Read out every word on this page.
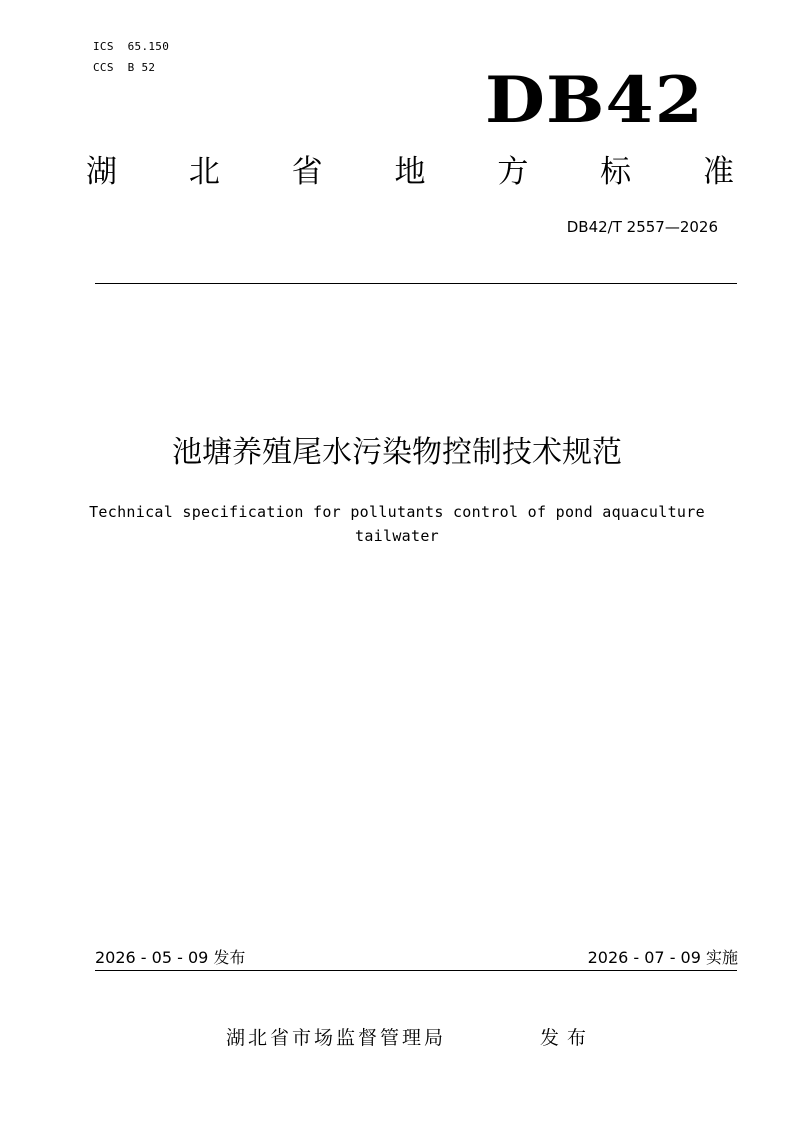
ICS  65.150
CCS  B 52	DB42
湖 北 省 地 方 标 准
DB42/T 2557—2026
池塘养殖尾水污染物控制技术规范
Technical specification for pollutants control of pond aquaculture tailwater
2026 - 05 - 09 发布	2026 - 07 - 09 实施
湖北省市场监督管理局	发布
